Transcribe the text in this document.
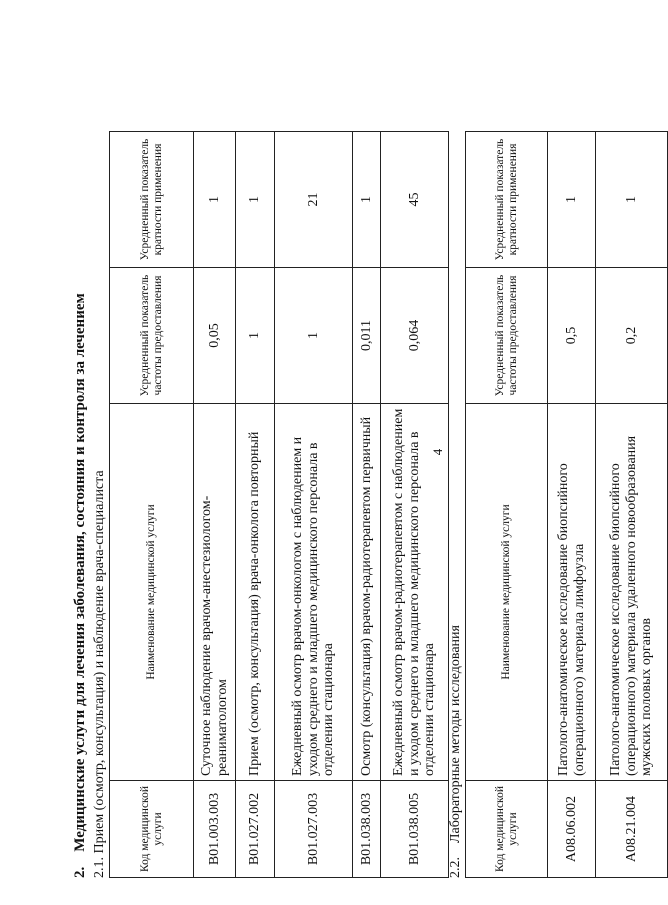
4
2. Медицинские услуги для лечения заболевания, состояния и контроля за лечением 2.1. Прием (осмотр, консультация) и наблюдение врача-специалиста	Код медицинской услуги	Наименование медицинской услуги	Усредненный показатель частоты предоставления	Усредненный показатель кратности применения
B01.003.003	Суточное наблюдение врачом-анестезиологом-реаниматологом	0,05	1
B01.027.002	Прием (осмотр, консультация) врача-онколога повторный	1	1
B01.027.003	Ежедневный осмотр врачом-онкологом с наблюдением и уходом среднего и младшего медицинского персонала в отделении стационара	1	21
B01.038.003	Осмотр (консультация) врачом-радиотерапевтом первичный	0,011	1
B01.038.005	Ежедневный осмотр врачом-радиотерапевтом с наблюдением и уходом среднего и младшего медицинского персонала в отделении стационара	0,064	45
2.2. Лабораторные методы исследования	Код медицинской услуги	Наименование медицинской услуги	Усредненный показатель частоты предоставления	Усредненный показатель кратности применения
A08.06.002	Патолого-анатомическое исследование биопсийного (операционного) материала лимфоузла	0,5	1
A08.21.004	Патолого-анатомическое исследование биопсийного (операционного) материала удаленного новообразования мужских половых органов	0,2	1
